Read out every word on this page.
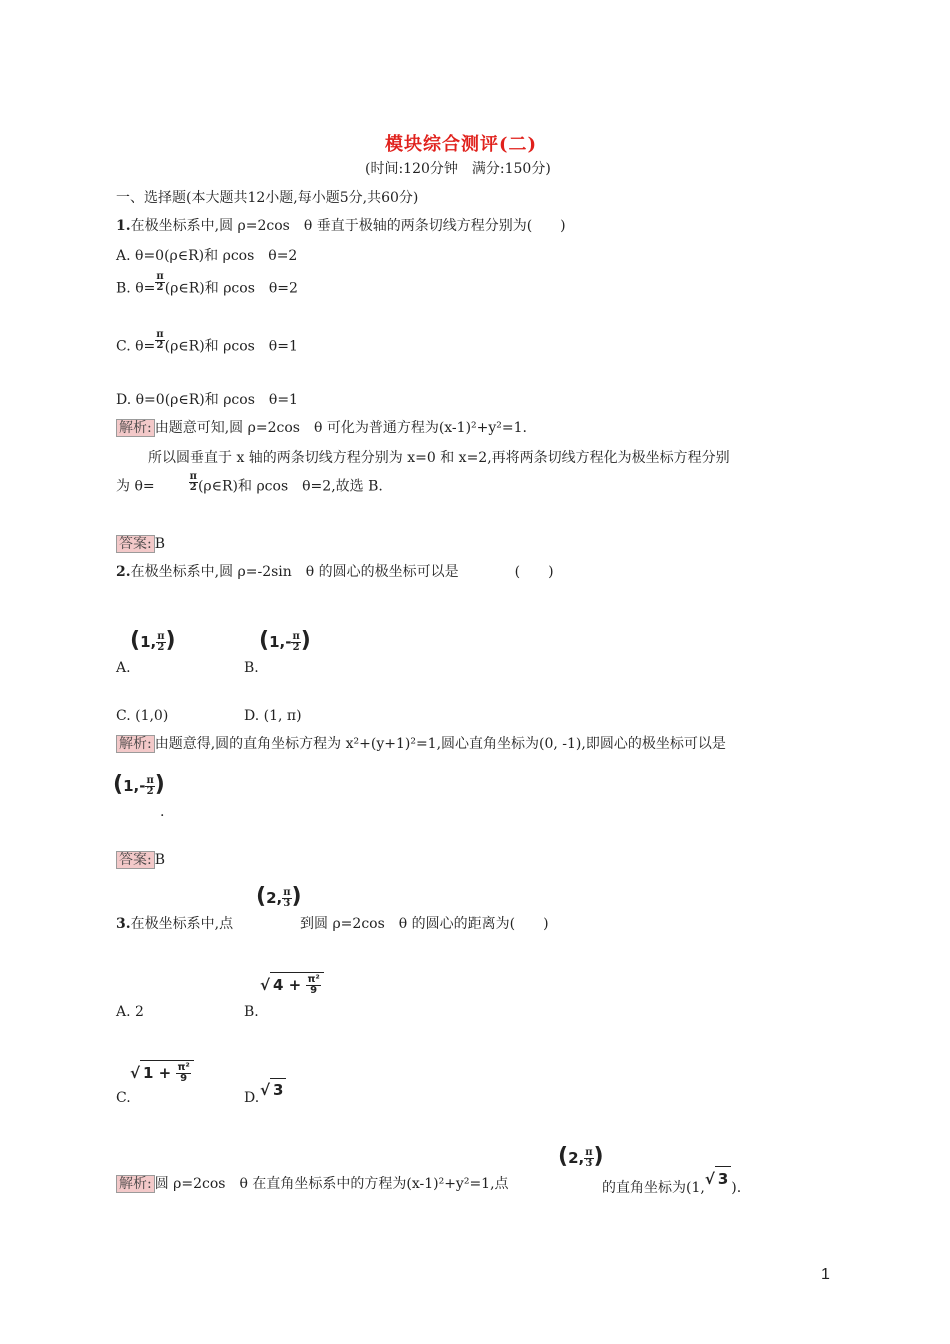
模块综合测评(二)
(时间:120分钟　满分:150分)
一、选择题(本大题共12小题,每小题5分,共60分)
1.在极坐标系中,圆 ρ=2cos　θ 垂直于极轴的两条切线方程分别为(　　)
A. θ=0(ρ∈R)和 ρcos　θ=2
B. $\theta= \frac{\pi}{2}$ (ρ∈R)和 ρcos　θ=2
C. $\theta= \frac{\pi}{2}$ (ρ∈R)和 ρcos　θ=1
D. θ=0(ρ∈R)和 ρcos　θ=1
解析: 由题意可知,圆 ρ=2cos　θ 可化为普通方程为(x-1)²+y²=1.
所以圆垂直于 x 轴的两条切线方程分别为 x=0 和 x=2,再将两条切线方程化为极坐标方程分别
为 θ=	$\frac{\pi}{2}$ (ρ∈R)和 ρcos　θ=2,故选 B.
答案: B
2.在极坐标系中,圆 ρ=-2sin　θ 的圆心的极坐标可以是　　　　(　　)
(1, $\frac{\pi}{2}$ )
A.
($1,- \frac{\pi}{2}$ )
B.
C. (1,0)	D. (1, π)
解析: 由题意得,圆的直角坐标方程为 x²+(y+1)²=1,圆心直角坐标为(0, -1),即圆心的极坐标可以是
($1,- \frac{\pi}{2}$ )
.
答案: B
3.在极坐标系中,点
(2, $\frac{\pi}{3}$ )
到圆 ρ=2cos　θ 的圆心的距离为(　　)
A. 2	B.
√ $4 + \frac{\text{π²}}{9}$
C.
√ $1 + \frac{\text{π²}}{9}$
D. √ 3
解析: 圆 ρ=2cos　θ 在直角坐标系中的方程为(x-1)²+y²=1,点
(2, $\frac{\pi}{3}$ )
的直角坐标为(1,√ 3 ).
1
